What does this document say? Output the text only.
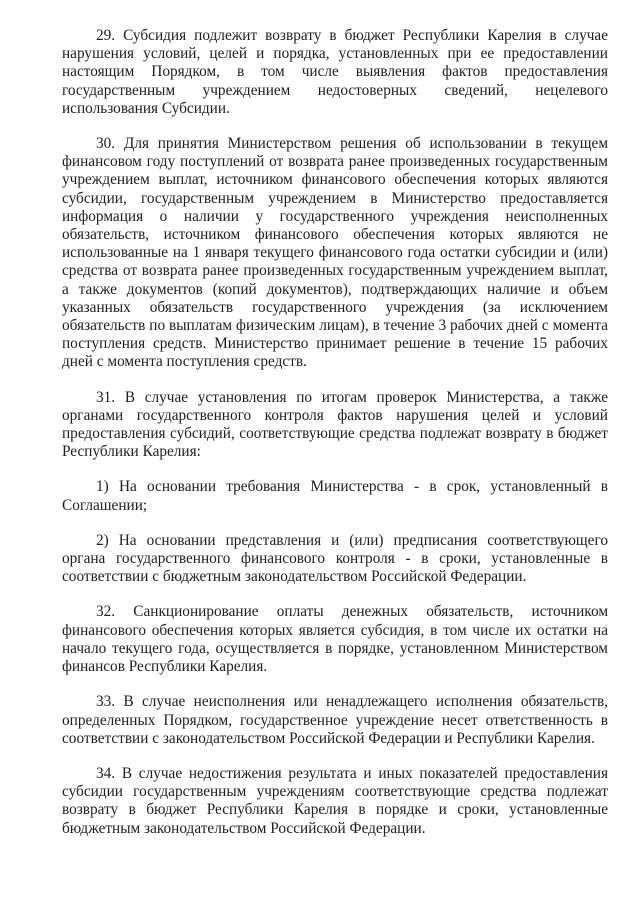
29. Субсидия подлежит возврату в бюджет Республики Карелия в случае нарушения условий, целей и порядка, установленных при ее предоставлении настоящим Порядком, в том числе выявления фактов предоставления государственным учреждением недостоверных сведений, нецелевого использования Субсидии.

30. Для принятия Министерством решения об использовании в текущем финансовом году поступлений от возврата ранее произведенных государственным учреждением выплат, источником финансового обеспечения которых являются субсидии, государственным учреждением в Министерство предоставляется информация о наличии у государственного учреждения неисполненных обязательств, источником финансового обеспечения которых являются не использованные на 1 января текущего финансового года остатки субсидии и (или) средства от возврата ранее произведенных государственным учреждением выплат, а также документов (копий документов), подтверждающих наличие и объем указанных обязательств государственного учреждения (за исключением обязательств по выплатам физическим лицам), в течение 3 рабочих дней с момента поступления средств. Министерство принимает решение в течение 15 рабочих дней с момента поступления средств.

31. В случае установления по итогам проверок Министерства, а также органами государственного контроля фактов нарушения целей и условий предоставления субсидий, соответствующие средства подлежат возврату в бюджет Республики Карелия:

1) На основании требования Министерства - в срок, установленный в Соглашении;

2) На основании представления и (или) предписания соответствующего органа государственного финансового контроля - в сроки, установленные в соответствии с бюджетным законодательством Российской Федерации.

32. Санкционирование оплаты денежных обязательств, источником финансового обеспечения которых является субсидия, в том числе их остатки на начало текущего года, осуществляется в порядке, установленном Министерством финансов Республики Карелия.

33. В случае неисполнения или ненадлежащего исполнения обязательств, определенных Порядком, государственное учреждение несет ответственность в соответствии с законодательством Российской Федерации и Республики Карелия.

34. В случае недостижения результата и иных показателей предоставления субсидии государственным учреждениям соответствующие средства подлежат возврату в бюджет Республики Карелия в порядке и сроки, установленные бюджетным законодательством Российской Федерации.
